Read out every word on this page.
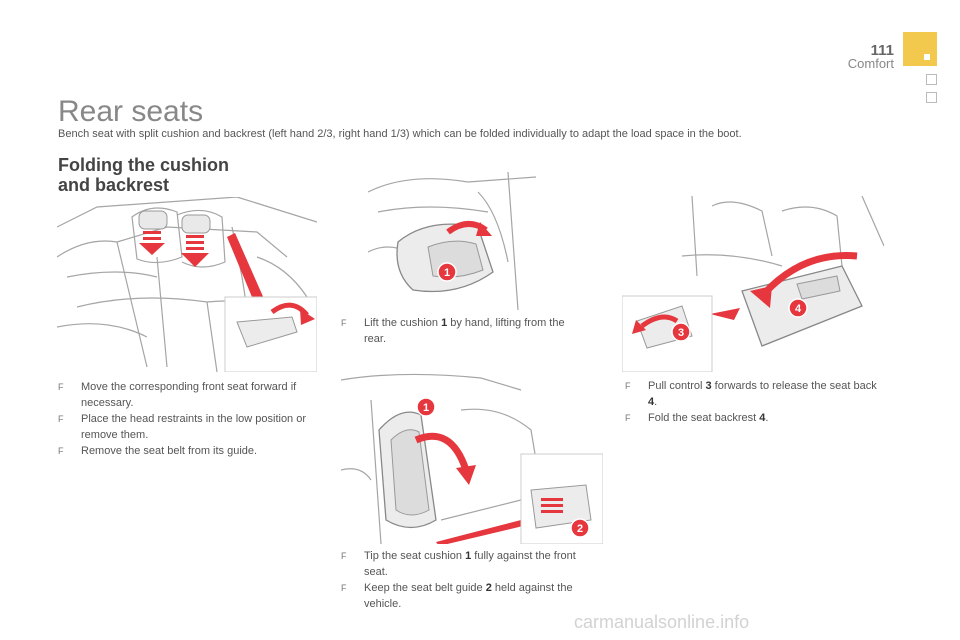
111
Comfort
Rear seats
Bench seat with split cushion and backrest (left hand 2/3, right hand 1/3) which can be folded individually to adapt the load space in the boot.
Folding the cushion
and backrest
1
1
2
3
4

F Move the corresponding front seat forward if necessary.

F Place the head restraints in the low position or remove them.

F Remove the seat belt from its guide.

F Lift the cushion 1 by hand, lifting from the rear.

F Tip the seat cushion 1 fully against the front seat.

F Keep the seat belt guide 2 held against the vehicle.

F Pull control 3 forwards to release the seat back 4.

F Fold the seat backrest 4.

carmanualsonline.info
